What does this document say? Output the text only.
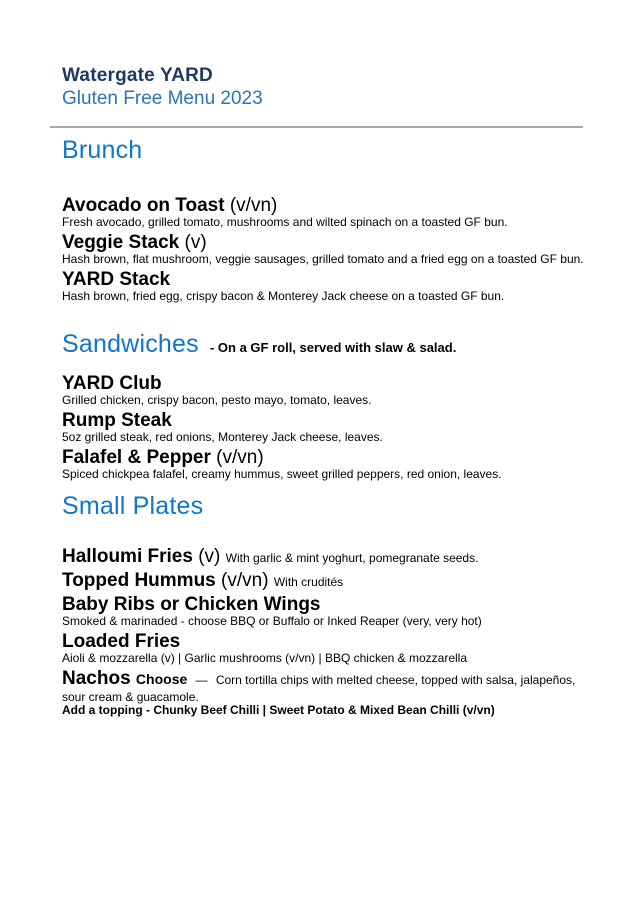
Watergate YARD
Gluten Free Menu 2023
Brunch

Avocado on Toast (v/vn)

Fresh avocado, grilled tomato, mushrooms and wilted spinach on a toasted GF bun.

Veggie Stack (v)

Hash brown, flat mushroom, veggie sausages, grilled tomato and a fried egg on a toasted GF bun.

YARD Stack

Hash brown, fried egg, crispy bacon & Monterey Jack cheese on a toasted GF bun.

Sandwiches - On a GF roll, served with slaw & salad.

YARD Club

Grilled chicken, crispy bacon, pesto mayo, tomato, leaves.

Rump Steak

5oz grilled steak, red onions, Monterey Jack cheese, leaves.

Falafel & Pepper (v/vn)

Spiced chickpea falafel, creamy hummus, sweet grilled peppers, red onion, leaves.

Small Plates

Halloumi Fries (v) With garlic & mint yoghurt, pomegranate seeds.

Topped Hummus (v/vn) With crudités

Baby Ribs or Chicken Wings

Smoked & marinaded - choose BBQ or Buffalo or Inked Reaper (very, very hot)

Loaded Fries

Aioli & mozzarella (v) | Garlic mushrooms (v/vn) | BBQ chicken & mozzarella

Nachos Choose — Corn tortilla chips with melted cheese, topped with salsa, jalapeños, sour cream & guacamole.

Add a topping - Chunky Beef Chilli | Sweet Potato & Mixed Bean Chilli (v/vn)
